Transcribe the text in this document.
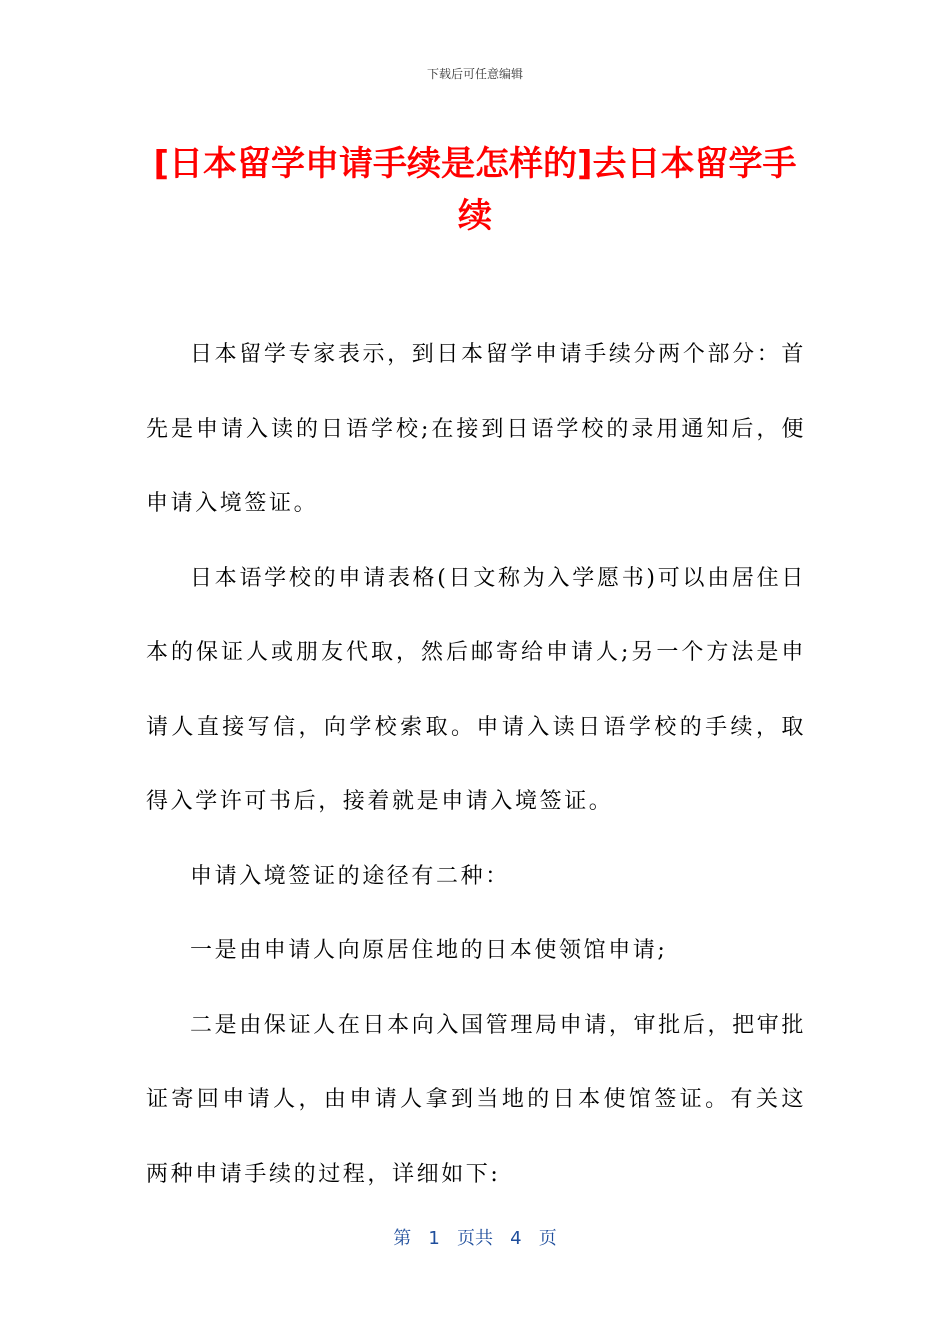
下载后可任意编辑
[日本留学申请手续是怎样的]去日本留学手续

日本留学专家表示，到日本留学申请手续分两个部分：首先是申请入读的日语学校;在接到日语学校的录用通知后，便申请入境签证。

日本语学校的申请表格(日文称为入学愿书)可以由居住日本的保证人或朋友代取，然后邮寄给申请人;另一个方法是申请人直接写信，向学校索取。申请入读日语学校的手续，取得入学许可书后，接着就是申请入境签证。

申请入境签证的途径有二种：

一是由申请人向原居住地的日本使领馆申请;

二是由保证人在日本向入国管理局申请，审批后，把审批证寄回申请人，由申请人拿到当地的日本使馆签证。有关这两种申请手续的过程，详细如下:

第 1 页共 4 页
